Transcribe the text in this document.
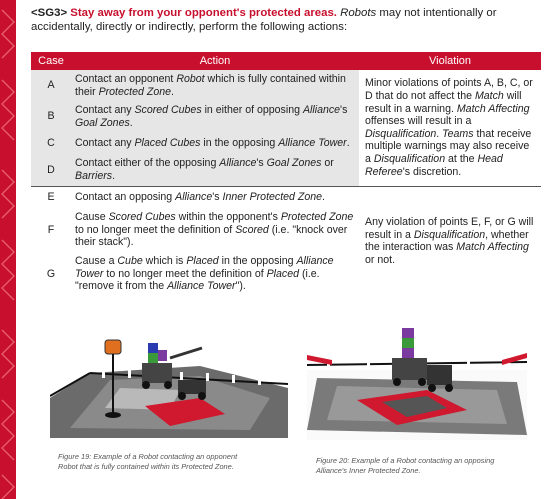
<SG3> Stay away from your opponent's protected areas. Robots may not intentionally or accidentally, directly or indirectly, perform the following actions:

Case	Action	Violation
A	Contact an opponent Robot which is fully contained within their Protected Zone.	Minor violations of points A, B, C, or D that do not affect the Match will result in a warning. Match Affecting offenses will result in a Disqualification. Teams that receive multiple warnings may also receive a Disqualification at the Head Referee's discretion.
B	Contact any Scored Cubes in either of opposing Alliance's Goal Zones.	
C	Contact any Placed Cubes in the opposing Alliance Tower.	
D	Contact either of the opposing Alliance's Goal Zones or Barriers.	
E	Contact an opposing Alliance's Inner Protected Zone.	Any violation of points E, F, or G will result in a Disqualification, whether the interaction was Match Affecting or not.
F	Cause Scored Cubes within the opponent's Protected Zone to no longer meet the definition of Scored (i.e. "knock over their stack").	
G	Cause a Cube which is Placed in the opposing Alliance Tower to no longer meet the definition of Placed (i.e. "remove it from the Alliance Tower").	
Figure 19: Example of a Robot contacting an opponent Robot that is fully contained within its Protected Zone.
Figure 20: Example of a Robot contacting an opposing Alliance's Inner Protected Zone.
